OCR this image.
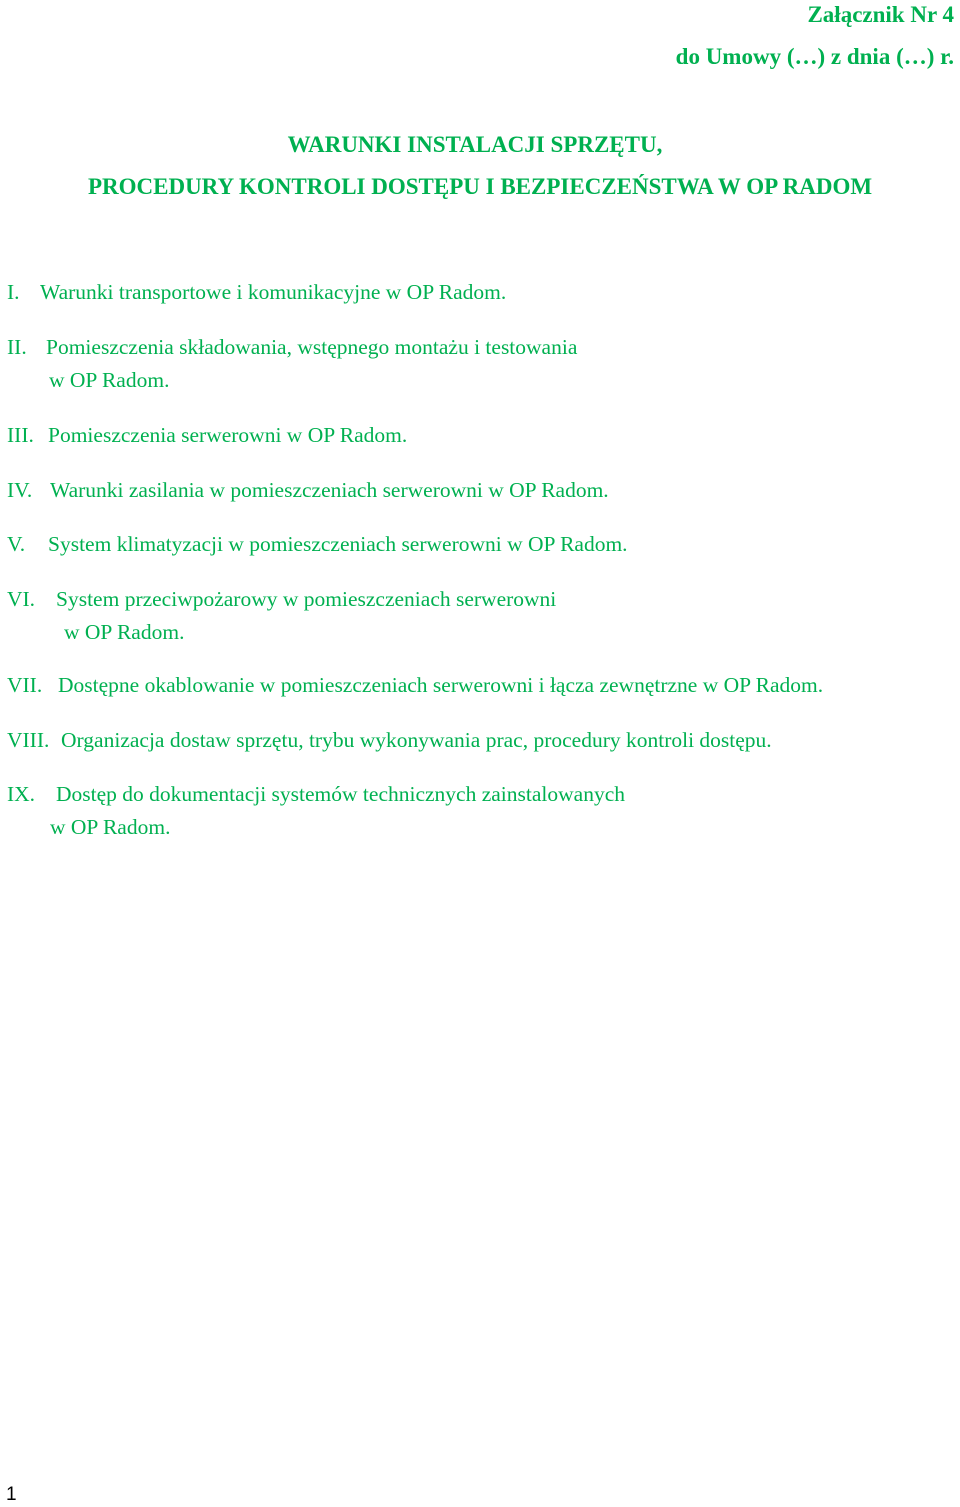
Załącznik Nr 4
do Umowy (…) z dnia (…) r.
WARUNKI INSTALACJI SPRZĘTU,
PROCEDURY KONTROLI DOSTĘPU I BEZPIECZEŃSTWA W OP RADOM
I. Warunki transportowe i komunikacyjne w OP Radom.
II. Pomieszczenia składowania, wstępnego montażu i testowania
w OP Radom.
III. Pomieszczenia serwerowni w OP Radom.
IV. Warunki zasilania w pomieszczeniach serwerowni w OP Radom.
V. System klimatyzacji w pomieszczeniach serwerowni w OP Radom.
VI. System przeciwpożarowy w pomieszczeniach serwerowni
w OP Radom.
VII. Dostępne okablowanie w pomieszczeniach serwerowni i łącza zewnętrzne w OP Radom.
VIII. Organizacja dostaw sprzętu, trybu wykonywania prac, procedury kontroli dostępu.
IX. Dostęp do dokumentacji systemów technicznych zainstalowanych
w OP Radom.
1
